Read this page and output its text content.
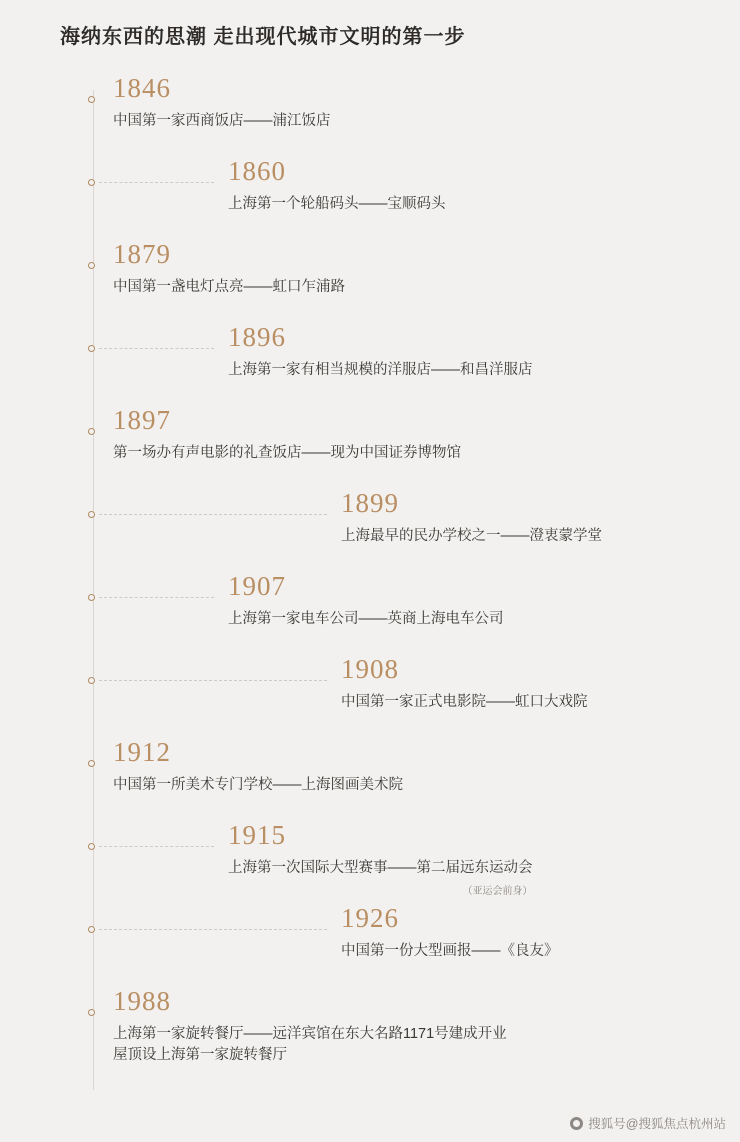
海纳东西的思潮 走出现代城市文明的第一步
1846
中国第一家西商饭店——浦江饭店
1860
上海第一个轮船码头——宝顺码头
1879
中国第一盏电灯点亮——虹口乍浦路
1896
上海第一家有相当规模的洋服店——和昌洋服店
1897
第一场办有声电影的礼查饭店——现为中国证券博物馆
1899
上海最早的民办学校之一——澄衷蒙学堂
1907
上海第一家电车公司——英商上海电车公司
1908
中国第一家正式电影院——虹口大戏院
1912
中国第一所美术专门学校——上海图画美术院
1915
上海第一次国际大型赛事——第二届远东运动会
（亚运会前身）
1926
中国第一份大型画报——《良友》
1988
上海第一家旋转餐厅——远洋宾馆在东大名路1171号建成开业
屋顶设上海第一家旋转餐厅
搜狐号@搜狐焦点杭州站
